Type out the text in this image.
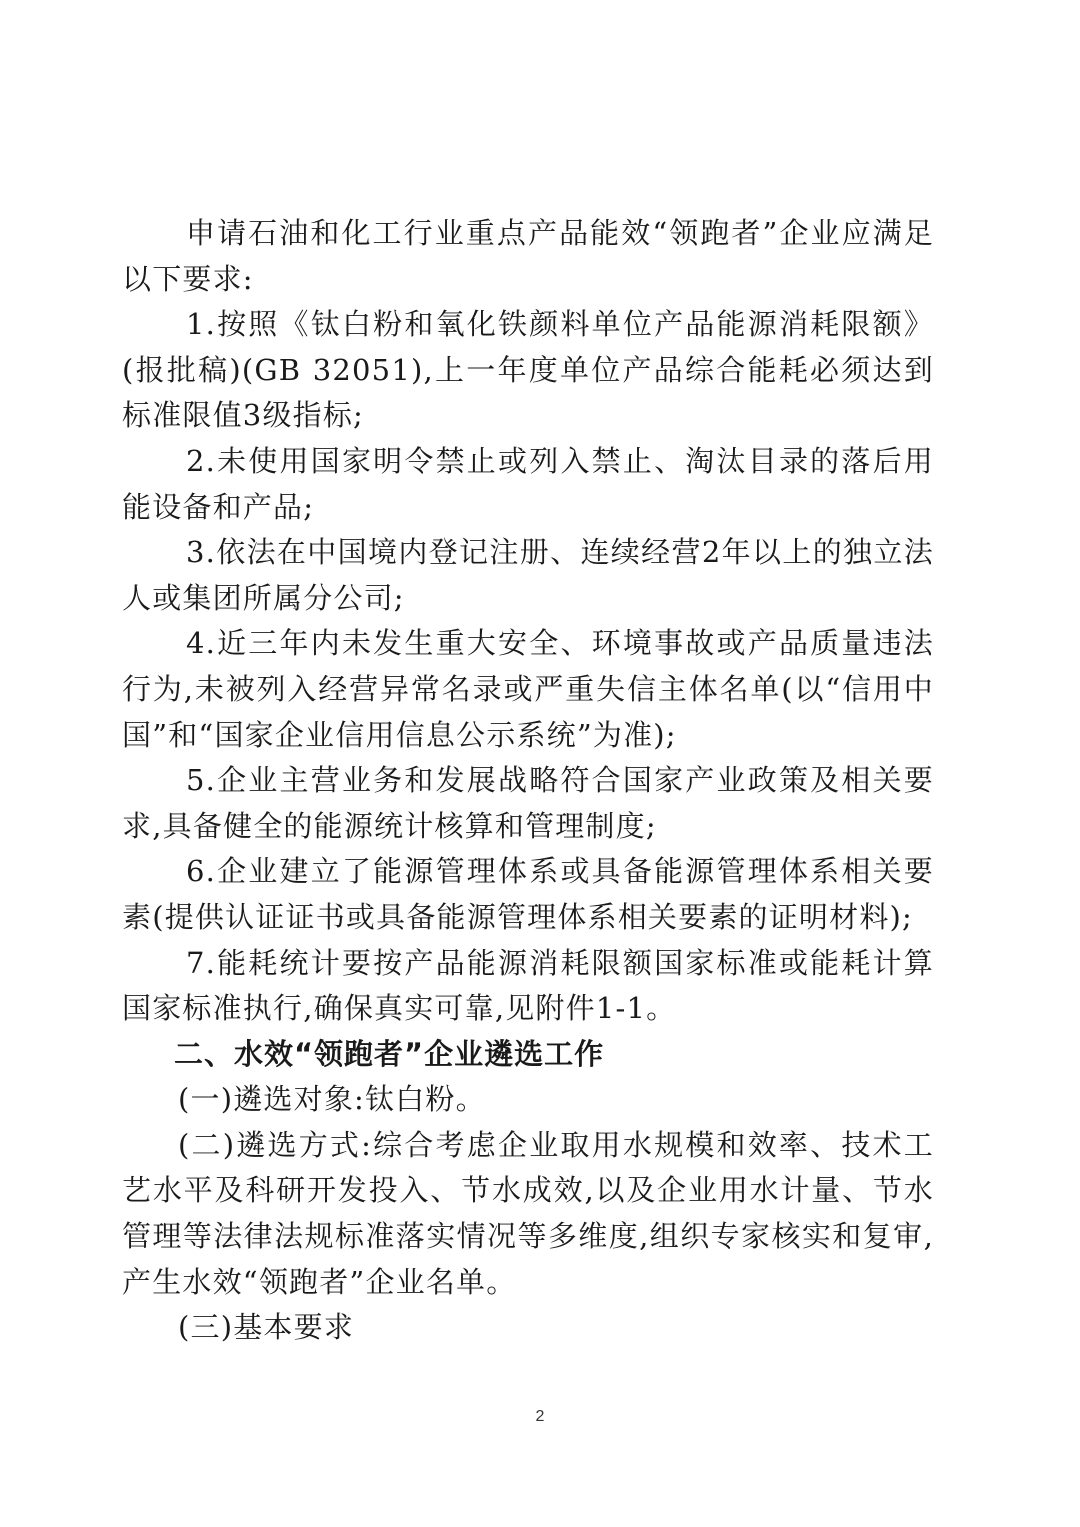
申请石油和化工行业重点产品能效“领跑者”企业应满足以下要求:

1.按照《钛白粉和氧化铁颜料单位产品能源消耗限额》(报批稿)(GB 32051),上一年度单位产品综合能耗必须达到标准限值3级指标;

2.未使用国家明令禁止或列入禁止、淘汰目录的落后用能设备和产品;

3.依法在中国境内登记注册、连续经营2年以上的独立法人或集团所属分公司;

4.近三年内未发生重大安全、环境事故或产品质量违法行为,未被列入经营异常名录或严重失信主体名单(以“信用中国”和“国家企业信用信息公示系统”为准);

5.企业主营业务和发展战略符合国家产业政策及相关要求,具备健全的能源统计核算和管理制度;

6.企业建立了能源管理体系或具备能源管理体系相关要素(提供认证证书或具备能源管理体系相关要素的证明材料);

7.能耗统计要按产品能源消耗限额国家标准或能耗计算国家标准执行,确保真实可靠,见附件1-1。

二、水效“领跑者”企业遴选工作

(一)遴选对象:钛白粉。

(二)遴选方式:综合考虑企业取用水规模和效率、技术工艺水平及科研开发投入、节水成效,以及企业用水计量、节水管理等法律法规标准落实情况等多维度,组织专家核实和复审,产生水效“领跑者”企业名单。

(三)基本要求

2
